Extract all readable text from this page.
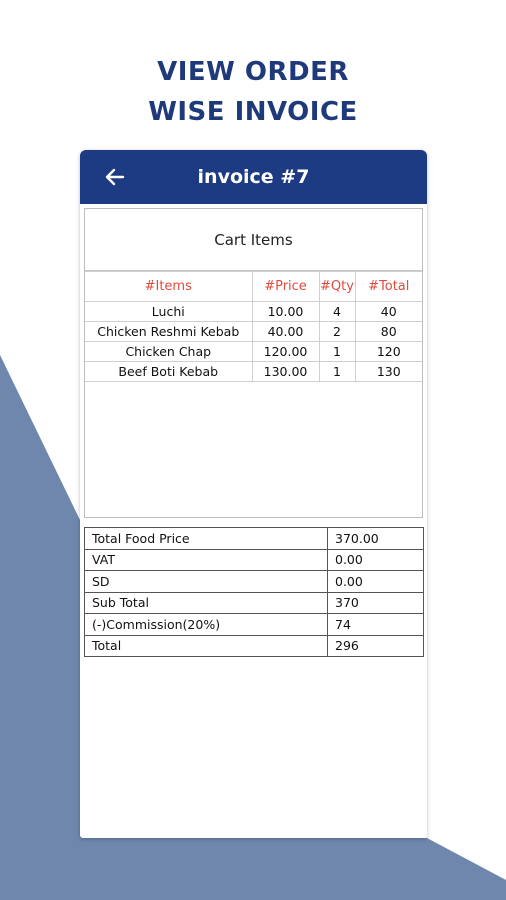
VIEW ORDER
WISE INVOICE
invoice #7
Cart Items
#Items	#Price	#Qty	#Total
Luchi	10.00	4	40
Chicken Reshmi Kebab	40.00	2	80
Chicken Chap	120.00	1	120
Beef Boti Kebab	130.00	1	130
Total Food Price	370.00
VAT	0.00
SD	0.00
Sub Total	370
(-)Commission(20%)	74
Total	296
